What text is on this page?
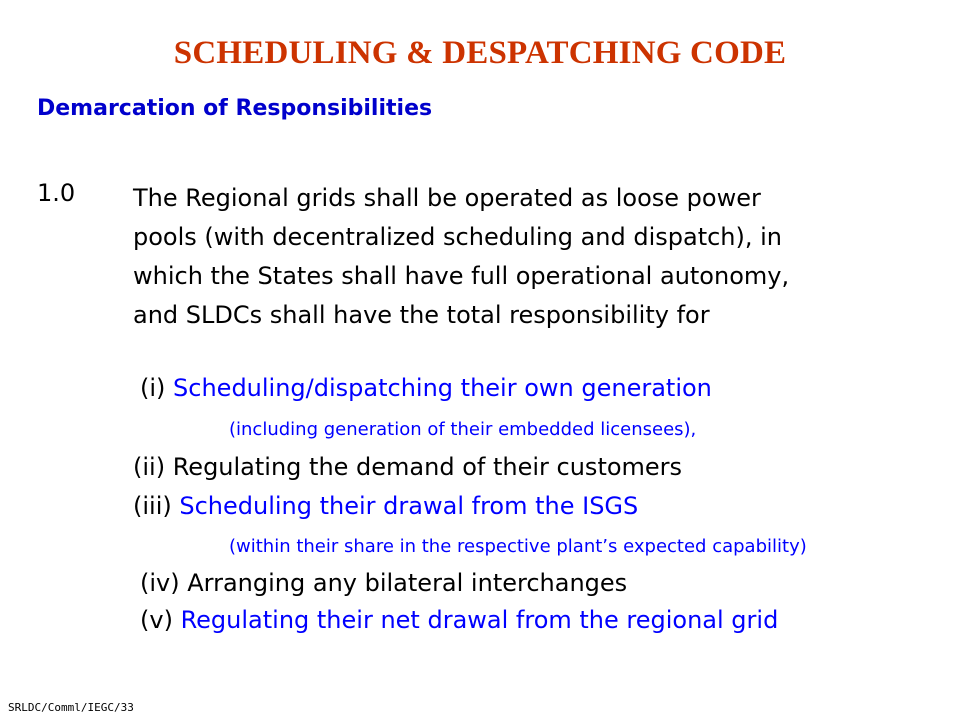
SCHEDULING & DESPATCHING CODE
Demarcation of Responsibilities
1.0 The Regional grids shall be operated as loose power
pools (with decentralized scheduling and dispatch), in
which the States shall have full operational autonomy,
and SLDCs shall have the total responsibility for
(i) Scheduling/dispatching their own generation
(including generation of their embedded licensees),
(ii) Regulating the demand of their customers
(iii) Scheduling their drawal from the ISGS
(within their share in the respective plant’s expected capability)
(iv) Arranging any bilateral interchanges
(v) Regulating their net drawal from the regional grid
SRLDC/Comml/IEGC/33
